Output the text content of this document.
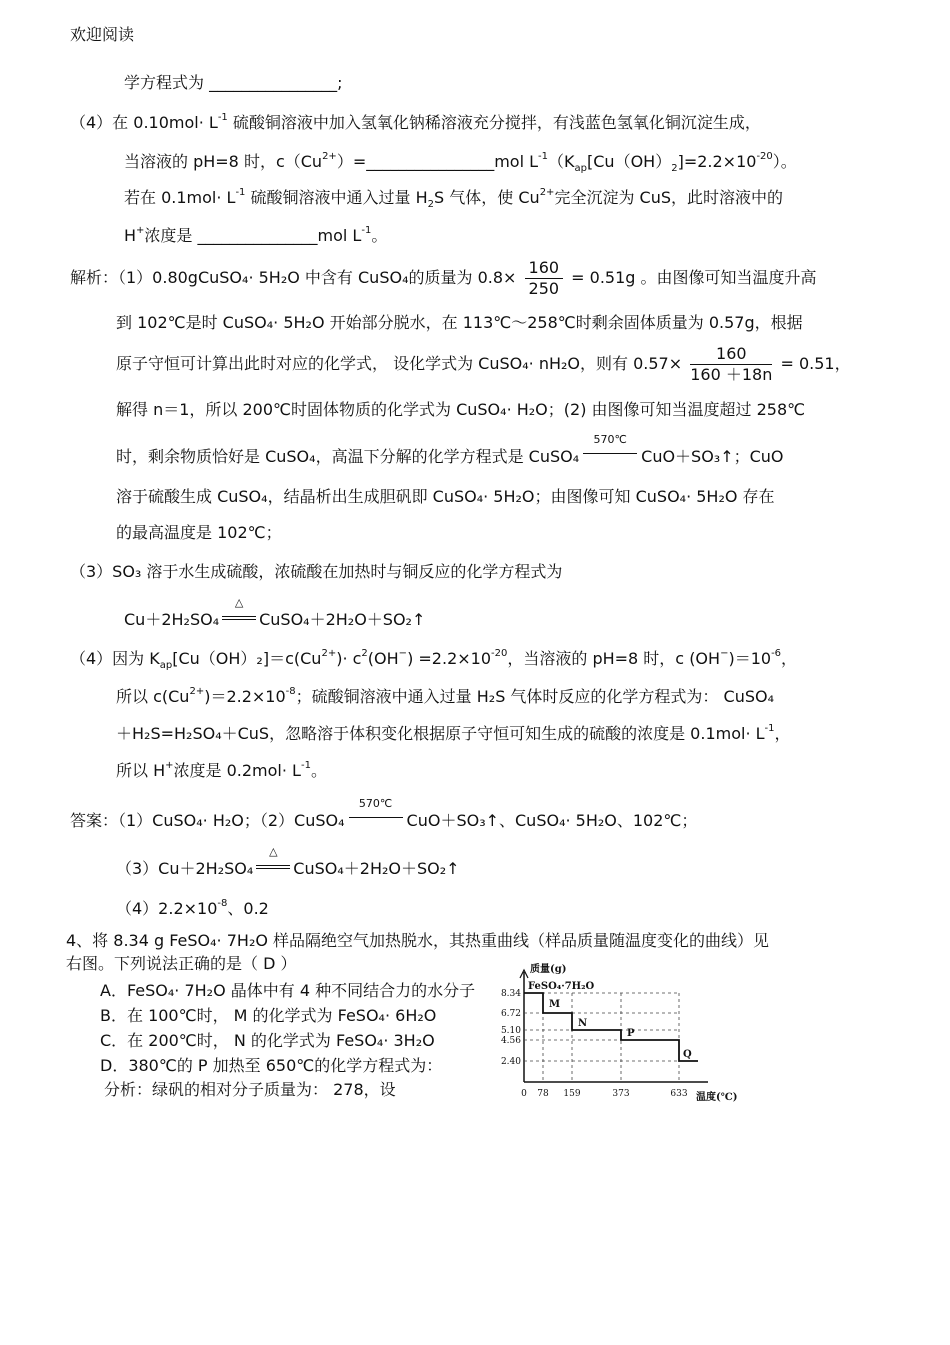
欢迎阅读
学方程式为 ________________;
（4）在 $0.10mol\cdot L^{-1}$ 硫酸铜溶液中加入氢氧化钠稀溶液充分搅拌，有浅蓝色氢氧化铜沉淀生成，
当溶液的 pH=8 时，$c(Cu^{2+})=\_\_\_\_\_\_\_\_\_\_\_\_\_\_\_\_mol$ $L^{-1}(K_{ap}[Cu(OH)_2]=2.2\times 10^{-20})$。
若在 $0.1mol\cdot L^{-1}$ 硫酸铜溶液中通入过量 $H_2S$ 气体，使 $Cu^{2+}$完全沉淀为 CuS，此时溶液中的
H+浓度是 _______________mol $L^{-1}$。
解析：（1）0.80gCuSO₄· 5H₂O 中含有 CuSO₄的质量为 $0.8\times \frac{160}{250} = 0.51g$ 。由图像可知当温度升高
到 102℃是时 CuSO₄· 5H₂O 开始部分脱水，在 113℃～258℃时剩余固体质量为 0.57g，根据
原子守恒可计算出此时对应的化学式， 设化学式为 CuSO₄· nH₂O，则有 $0.57\times \frac{160}{160 +18n} = 0.51$，
解得 n＝1，所以 200℃时固体物质的化学式为 CuSO₄· H₂O；(2) 由图像可知当温度超过 258℃
时，剩余物质恰好是 CuSO₄，高温下分解的化学方程式是 CuSO₄
570℃
CuO＋SO₃↑；CuO
溶于硫酸生成 CuSO₄，结晶析出生成胆矾即 CuSO₄· 5H₂O；由图像可知 CuSO₄· 5H₂O 存在
的最高温度是 102℃；
（3）SO₃ 溶于水生成硫酸，浓硫酸在加热时与铜反应的化学方程式为
Cu＋2H₂SO₄
△
CuSO₄＋2H₂O＋SO₂↑
（4）因为 $K_{ap}[Cu(OH)_2]=c(Cu^{2+})\cdot c^2(OH^-) =2.2\times 10^{-20}$，当溶液的 pH=8 时，c $(OH^-)=10^{-6}$，
所以 $c(Cu^{2+})=2.2\times 10^{-8}$；硫酸铜溶液中通入过量 H₂S 气体时反应的化学方程式为： CuSO₄
＋H₂S=H₂SO₄＋CuS，忽略溶于体积变化根据原子守恒可知生成的硫酸的浓度是 $0.1mol\cdot L^{-1}$，
所以 H+浓度是 $0.2mol\cdot L^{-1}$。
答案：（1）CuSO₄· H₂O；（2）CuSO₄
570℃
CuO＋SO₃↑、CuSO₄· 5H₂O、102℃；
（3）Cu＋2H₂SO₄
△
CuSO₄＋2H₂O＋SO₂↑
$(4)2.2\times 10^{-8}$、0.2
4、将 8.34 g FeSO₄· 7H₂O 样品隔绝空气加热脱水，其热重曲线（样品质量随温度变化的曲线）见
右图。下列说法正确的是（ D ）
A．FeSO₄· 7H₂O 晶体中有 4 种不同结合力的水分子
B．在 100℃时， M 的化学式为 FeSO₄· 6H₂O
C．在 200℃时， N 的化学式为 FeSO₄· 3H₂O
D．380℃的 P 加热至 650℃的化学方程式为：
分析：绿矾的相对分子质量为： 278，设
8.34
6.72
5.10
4.56
2.40
0 78 159	373	633
FeSO₄·7H₂O
M
N
P
Q
质量(g)
温度(℃)
